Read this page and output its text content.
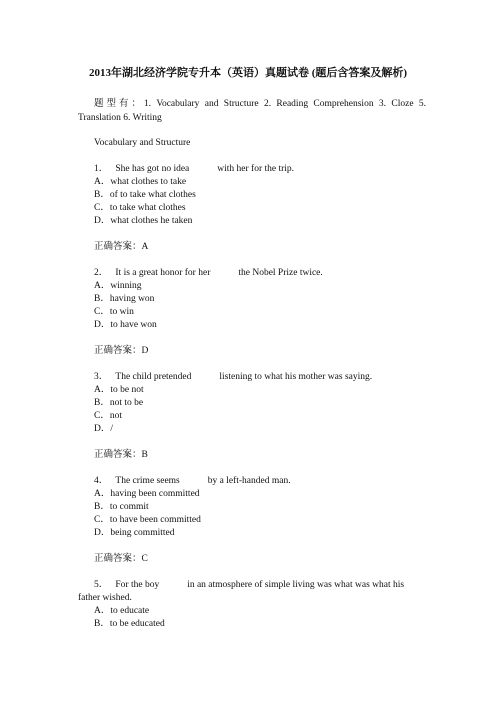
2013年湖北经济学院专升本（英语）真题试卷 (题后含答案及解析)
题型有：1. Vocabulary and Structure 2. Reading Comprehension 3. Cloze 5. Translation 6. Writing
Vocabulary and Structure
1． She has got no idea	with her for the trip.
A．what clothes to take
B．of to take what clothes
C．to take what clothes
D．what clothes he taken
正确答案：A
2． It is a great honor for her	the Nobel Prize twice.
A．winning
B．having won
C．to win
D．to have won
正确答案：D
3． The child pretended	listening to what his mother was saying.
A．to be not
B．not to be
C．not
D．/
正确答案：B
4． The crime seems	by a left-handed man.
A．having been committed
B．to commit
C．to have been committed
D．being committed
正确答案：C
5． For the boy	in an atmosphere of simple living was what was what his
father wished.
A．to educate
B．to be educated
